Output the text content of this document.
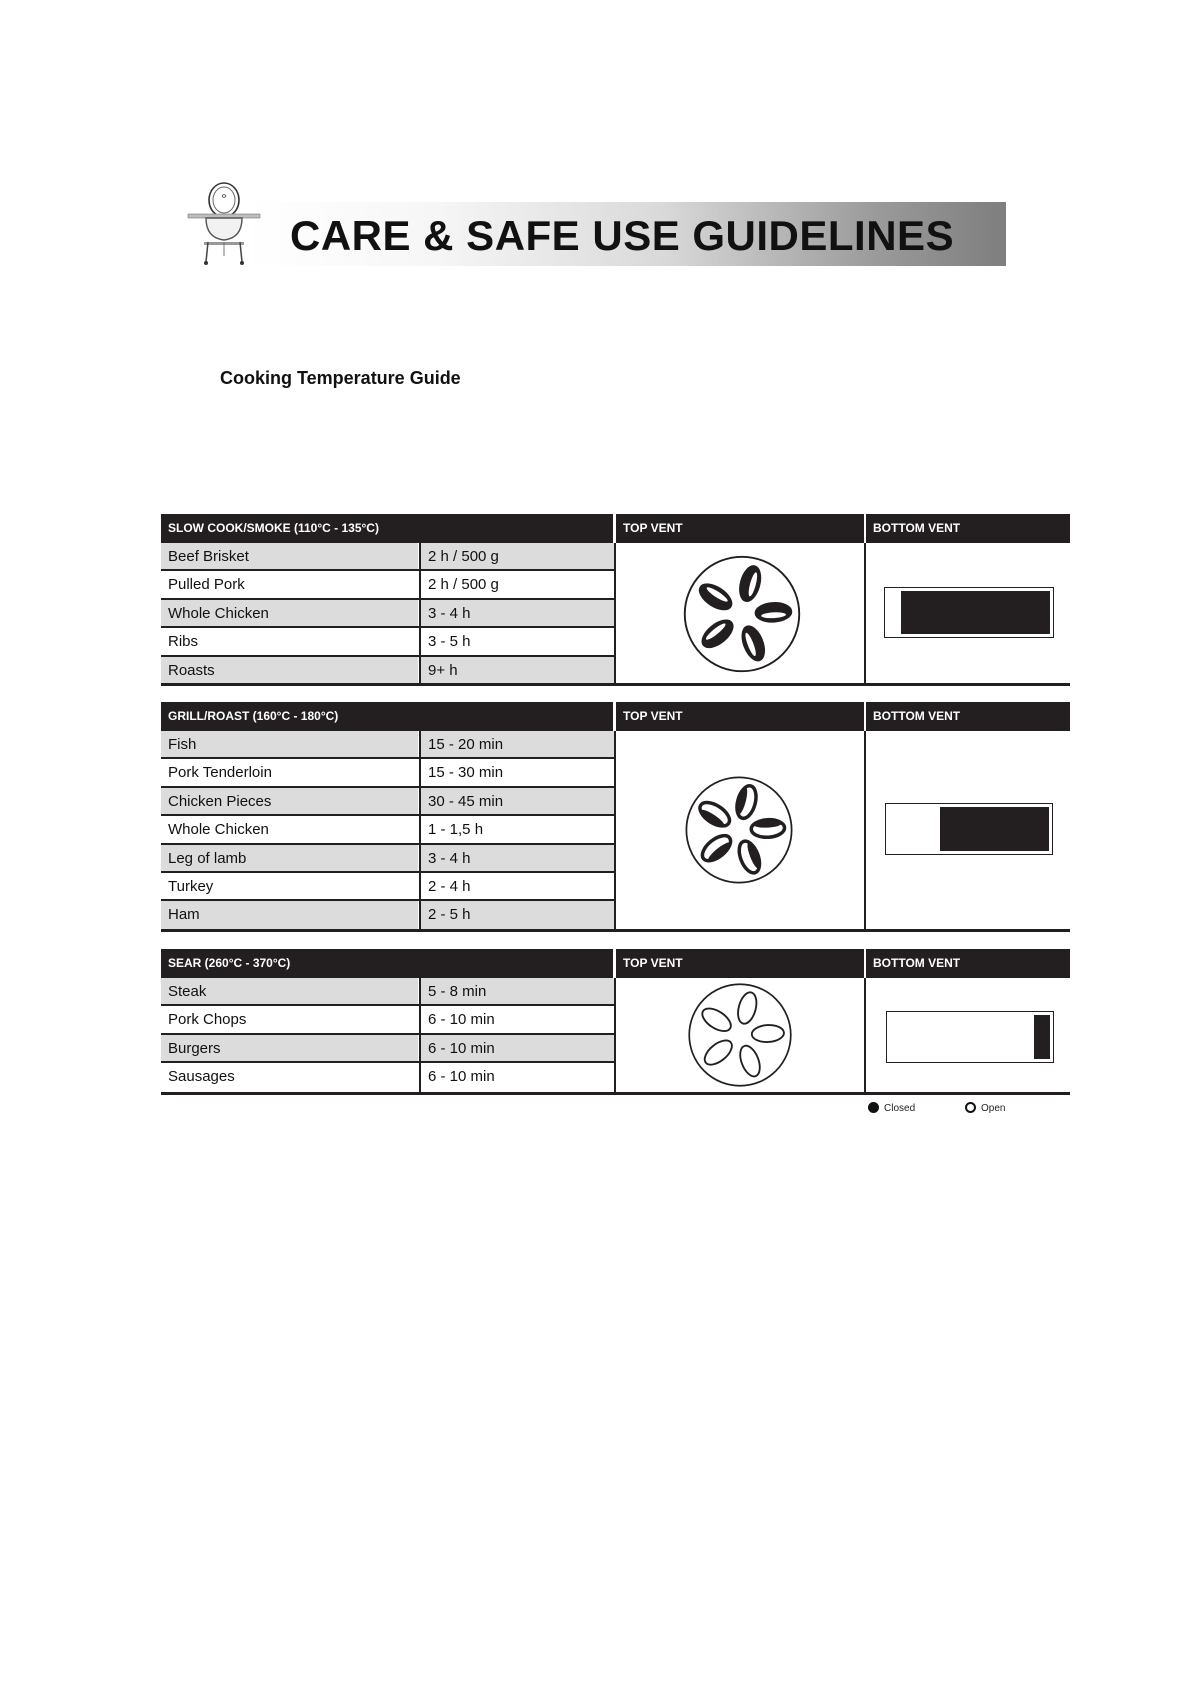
CARE & SAFE USE GUIDELINES
Cooking Temperature Guide
SLOW COOK/SMOKE (110°C - 135°C)	TOP VENT	BOTTOM VENT
Beef Brisket	2 h / 500 g
Pulled Pork	2 h / 500 g
Whole Chicken	3 - 4 h
Ribs	3 - 5 h
Roasts	9+ h
GRILL/ROAST (160°C - 180°C)	TOP VENT	BOTTOM VENT
Fish	15 - 20 min
Pork Tenderloin	15 - 30 min
Chicken Pieces	30 - 45 min
Whole Chicken	1 - 1,5 h
Leg of lamb	3 - 4 h
Turkey	2 - 4 h
Ham	2 - 5 h
SEAR (260°C - 370°C)	TOP VENT	BOTTOM VENT
Steak	5 - 8 min
Pork Chops	6 - 10 min
Burgers	6 - 10 min
Sausages	6 - 10 min
Closed	Open
